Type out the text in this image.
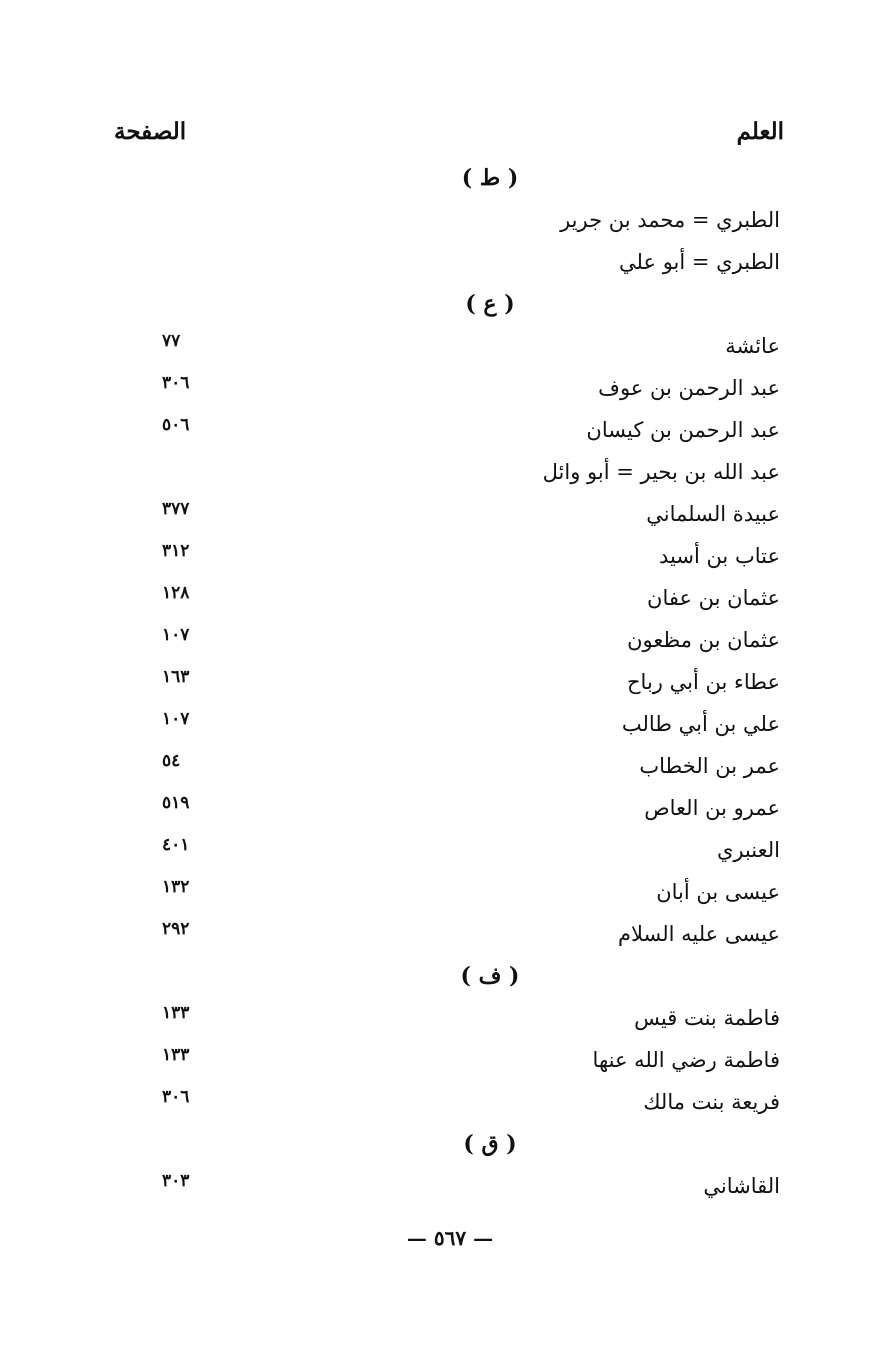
العلم
الصفحة
( ط )
الطبري = محمد بن جرير
الطبري = أبو علي
( ع )
عائشة
٧٧
عبد الرحمن بن عوف
٣٠٦
عبد الرحمن بن كيسان
٥٠٦
عبد الله بن بحير = أبو وائل
عبيدة السلماني
٣٧٧
عتاب بن أسيد
٣١٢
عثمان بن عفان
١٢٨
عثمان بن مظعون
١٠٧
عطاء بن أبي رباح
١٦٣
علي بن أبي طالب
١٠٧
عمر بن الخطاب
٥٤
عمرو بن العاص
٥١٩
العنبري
٤٠١
عيسى بن أبان
١٣٢
عيسى عليه السلام
٢٩٢
( ف )
فاطمة بنت قيس
١٣٣
فاطمة رضي الله عنها
١٣٣
فريعة بنت مالك
٣٠٦
( ق )
القاشاني
٣٠٣
— ٥٦٧ —
